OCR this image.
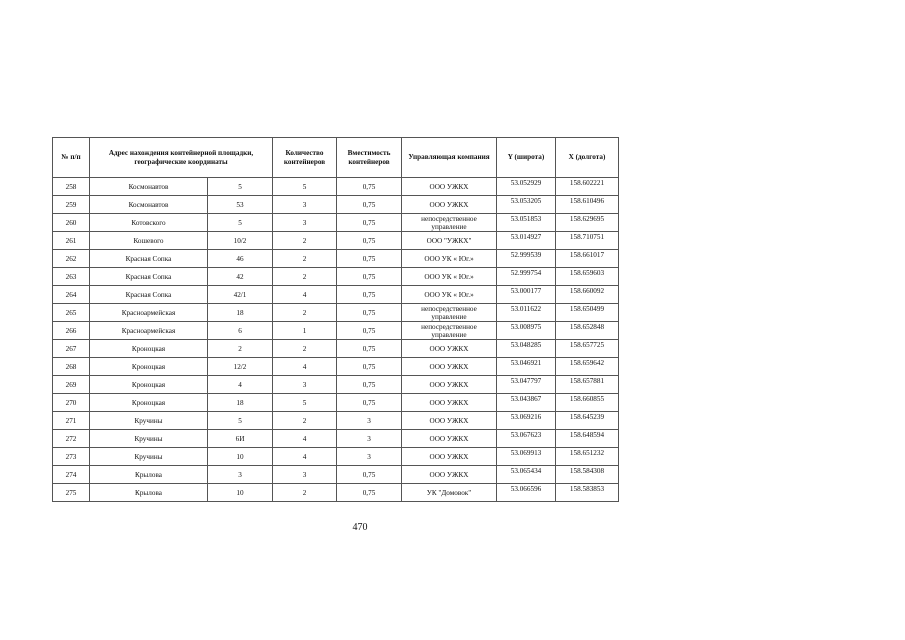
№ п/п	Адрес нахождения контейнерной площадки, географические координаты		Количество контейнеров	Вместимость контейнеров	Управляющая компания	Y (широта)	Х (долгота)
258	Космонавтов	5	5	0,75	ООО УЖКХ	53.052929	158.602221
259	Космонавтов	53	3	0,75	ООО УЖКХ	53.053205	158.610496
260	Котовского	5	3	0,75	непосредственное управление	53.051853	158.629695
261	Кошевого	10/2	2	0,75	ООО "УЖКХ"	53.014927	158.710751
262	Красная Сопка	46	2	0,75	ООО УК « Юг.»	52.999539	158.661017
263	Красная Сопка	42	2	0,75	ООО УК « Юг.»	52.999754	158.659603
264	Красная Сопка	42/1	4	0,75	ООО УК « Юг.»	53.000177	158.660092
265	Красноармейская	18	2	0,75	непосредственное управление	53.011622	158.650499
266	Красноармейская	6	1	0,75	непосредственное управление	53.008975	158.652848
267	Кроноцкая	2	2	0,75	ООО УЖКХ	53.048285	158.657725
268	Кроноцкая	12/2	4	0,75	ООО УЖКХ	53.046921	158.659642
269	Кроноцкая	4	3	0,75	ООО УЖКХ	53.047797	158.657881
270	Кроноцкая	18	5	0,75	ООО УЖКХ	53.043867	158.660855
271	Кручины	5	2	3	ООО УЖКХ	53.069216	158.645239
272	Кручины	6И	4	3	ООО УЖКХ	53.067623	158.648594
273	Кручины	10	4	3	ООО УЖКХ	53.069913	158.651232
274	Крылова	3	3	0,75	ООО УЖКХ	53.065434	158.584308
275	Крылова	10	2	0,75	УК "Домовок"	53.066596	158.583853
470
